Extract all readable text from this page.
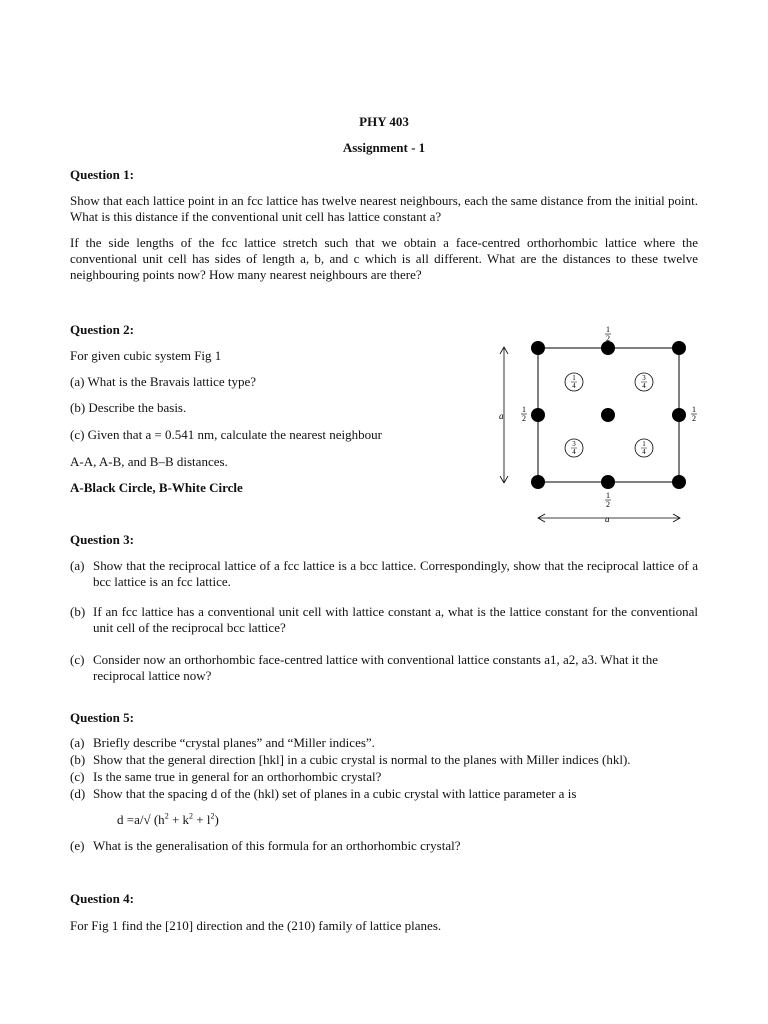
PHY 403
Assignment - 1
Question 1:
Show that each lattice point in an fcc lattice has twelve nearest neighbours, each the same distance from the initial point. What is this distance if the conventional unit cell has lattice constant a?
If the side lengths of the fcc lattice stretch such that we obtain a face-centred orthorhombic lattice where the conventional unit cell has sides of length a, b, and c which is all different. What are the distances to these twelve neighbouring points now? How many nearest neighbours are there?
Question 2:
For given cubic system Fig 1
(a) What is the Bravais lattice type?
(b) Describe the basis.
(c) Given that a = 0.541 nm, calculate the nearest neighbour
A-A, A-B, and B–B distances.
A-Black Circle, B-White Circle
a
a
1
2
1
2
1
2
1
2
1
4
3
4
3
4
1
4
Question 3:
(a) Show that the reciprocal lattice of a fcc lattice is a bcc lattice. Correspondingly, show that the reciprocal lattice of a bcc lattice is an fcc lattice.
(b) If an fcc lattice has a conventional unit cell with lattice constant a, what is the lattice constant for the conventional unit cell of the reciprocal bcc lattice?
(c) Consider now an orthorhombic face-centred lattice with conventional lattice constants a1, a2, a3. What it the reciprocal lattice now?
Question 5:
(a) Briefly describe “crystal planes” and “Miller indices”.
(b) Show that the general direction [hkl] in a cubic crystal is normal to the planes with Miller indices (hkl).
(c) Is the same true in general for an orthorhombic crystal?
(d) Show that the spacing d of the (hkl) set of planes in a cubic crystal with lattice parameter a is
d =a/√ $(h^2 + k^2 + l^2)$
(e) What is the generalisation of this formula for an orthorhombic crystal?
Question 4:
For Fig 1 find the [210] direction and the (210) family of lattice planes.
